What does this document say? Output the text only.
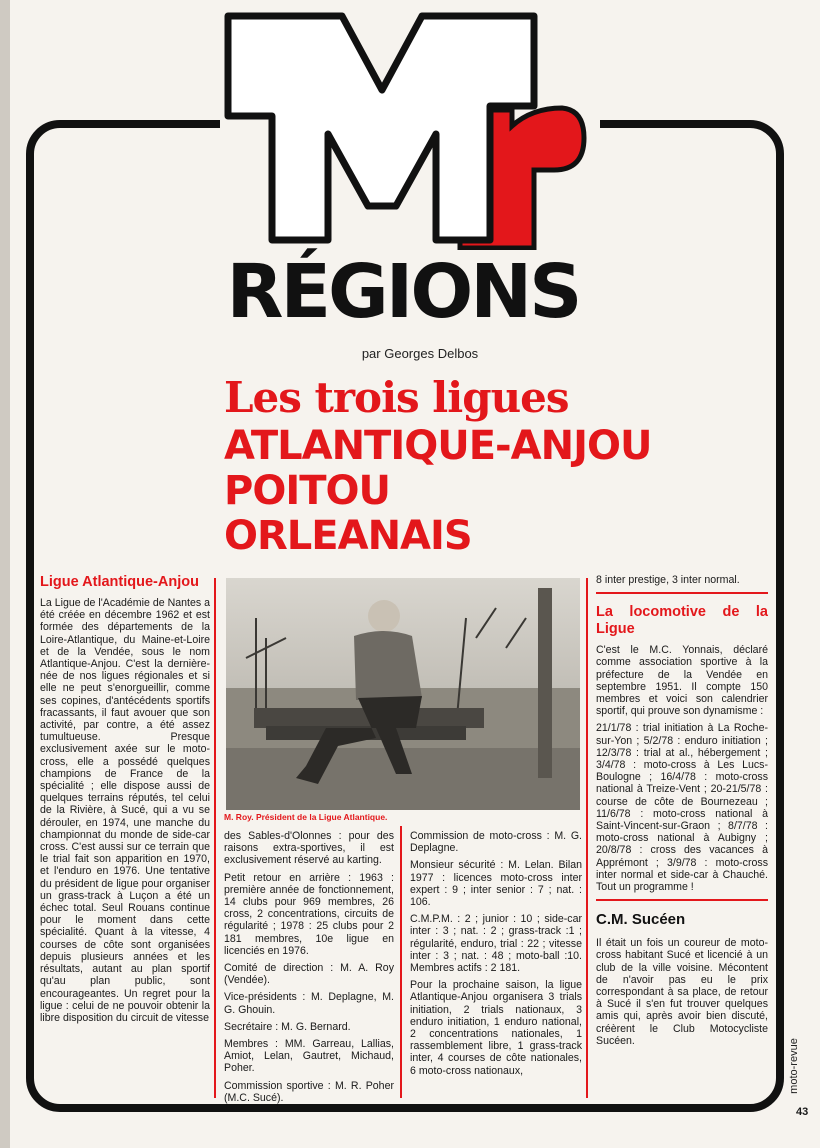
RÉGIONS
par Georges Delbos
Les trois ligues
ATLANTIQUE-ANJOU
POITOU
ORLEANAIS
Ligue Atlantique-Anjou

La Ligue de l'Académie de Nantes a été créée en décembre 1962 et est formée des départements de la Loire-Atlantique, du Maine-et-Loire et de la Vendée, sous le nom Atlantique-Anjou. C'est la dernière-née de nos ligues régionales et si elle ne peut s'enorgueillir, comme ses copines, d'antécédents sportifs fracassants, il faut avouer que son activité, par contre, a été assez tumultueuse. Presque exclusivement axée sur le moto-cross, elle a possédé quelques champions de France de la spécialité ; elle dispose aussi de quelques terrains réputés, tel celui de la Rivière, à Sucé, qui a vu se dérouler, en 1974, une manche du championnat du monde de side-car cross. C'est aussi sur ce terrain que le trial fait son apparition en 1970, et l'enduro en 1976. Une tentative du président de ligue pour organiser un grass-track à Luçon a été un échec total. Seul Rouans continue pour le moment dans cette spécialité. Quant à la vitesse, 4 courses de côte sont organisées depuis plusieurs années et les résultats, autant au plan sportif qu'au plan public, sont encourageantes. Un regret pour la ligue : celui de ne pouvoir obtenir la libre disposition du circuit de vitesse

M. Roy. Président de la Ligue Atlantique.

des Sables-d'Olonnes : pour des raisons extra-sportives, il est exclusivement réservé au karting.

Petit retour en arrière : 1963 : première année de fonctionnement, 14 clubs pour 969 membres, 26 cross, 2 concentrations, circuits de régularité ; 1978 : 25 clubs pour 2 181 membres, 10e ligue en licenciés en 1976.

Comité de direction : M. A. Roy (Vendée).

Vice-présidents : M. Deplagne, M. G. Ghouin.

Secrétaire : M. G. Bernard.

Membres : MM. Garreau, Lallias, Amiot, Lelan, Gautret, Michaud, Poher.

Commission sportive : M. R. Poher (M.C. Sucé).

Commission de moto-cross : M. G. Deplagne.

Monsieur sécurité : M. Lelan. Bilan 1977 : licences moto-cross inter expert : 9 ; inter senior : 7 ; nat. : 106.

C.M.P.M. : 2 ; junior : 10 ; side-car inter : 3 ; nat. : 2 ; grass-track :1 ; régularité, enduro, trial : 22 ; vitesse inter : 3 ; nat. : 48 ; moto-ball :10. Membres actifs : 2 181.

Pour la prochaine saison, la ligue Atlantique-Anjou organisera 3 trials initiation, 2 trials nationaux, 3 enduro initiation, 1 enduro national, 2 concentrations nationales, 1 rassemblement libre, 1 grass-track inter, 4 courses de côte nationales, 6 moto-cross nationaux,

8 inter prestige, 3 inter normal.

La locomotive de la Ligue

C'est le M.C. Yonnais, déclaré comme association sportive à la préfecture de la Vendée en septembre 1951. Il compte 150 membres et voici son calendrier sportif, qui prouve son dynamisme :

21/1/78 : trial initiation à La Roche-sur-Yon ; 5/2/78 : enduro initiation ; 12/3/78 : trial at al., hébergement ; 3/4/78 : moto-cross à Les Lucs-Boulogne ; 16/4/78 : moto-cross national à Treize-Vent ; 20-21/5/78 : course de côte de Bournezeau ; 11/6/78 : moto-cross national à Saint-Vincent-sur-Graon ; 8/7/78 : moto-cross national à Aubigny ; 20/8/78 : cross des vacances à Apprémont ; 3/9/78 : moto-cross inter normal et side-car à Chauché. Tout un programme !

C.M. Sucéen

Il était un fois un coureur de moto-cross habitant Sucé et licencié à un club de la ville voisine. Mécontent de n'avoir pas eu le prix correspondant à sa place, de retour à Sucé il s'en fut trouver quelques amis qui, après avoir bien discuté, créèrent le Club Motocycliste Sucéen.	moto-revue
43
